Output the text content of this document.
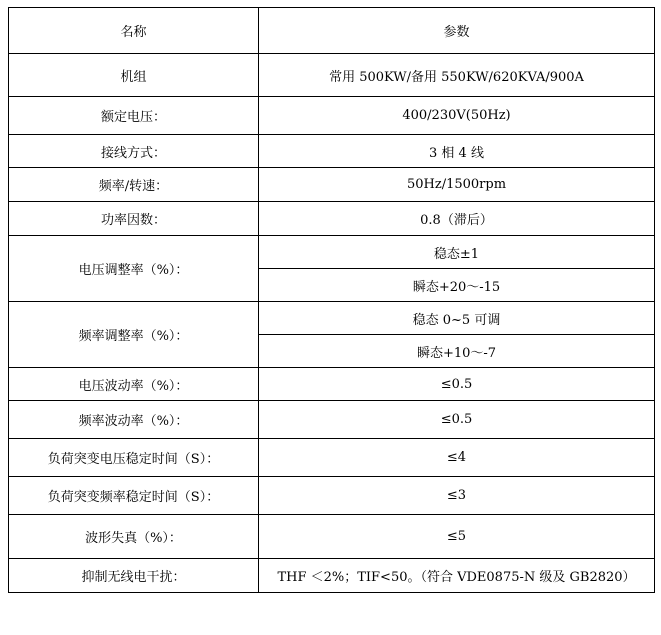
名称	参数
机组	常用 500KW/备用 550KW/620KVA/900A
额定电压：	400/230V(50Hz)
接线方式：	3 相 4 线
频率/转速：	50Hz/1500rpm
功率因数：	0.8（滞后）
电压调整率（%）：	稳态±1
	瞬态+20～-15
频率调整率（%）：	稳态 0~5 可调
	瞬态+10～-7
电压波动率（%）：	≤0.5
频率波动率（%）：	≤0.5
负荷突变电压稳定时间（S）：	≤4
负荷突变频率稳定时间（S）：	≤3
波形失真（%）：	≤5
抑制无线电干扰：	THF ＜2%；TIF<50。（符合 VDE0875-N 级及 GB2820）
